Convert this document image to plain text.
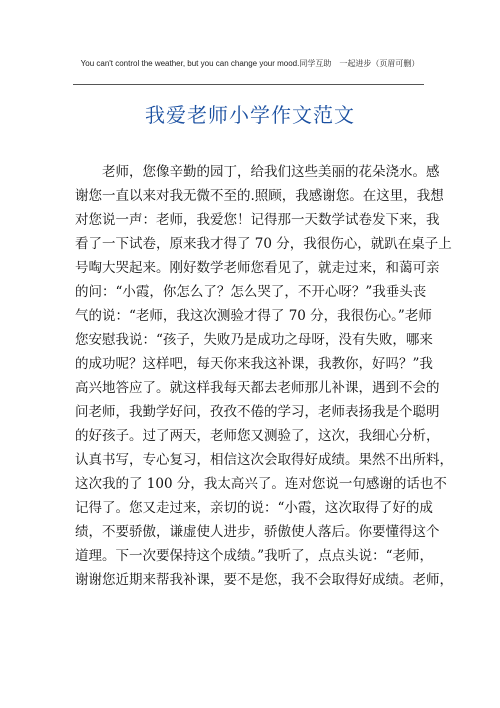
You can't control the weather, but you can change your mood.同学互助　一起进步（页眉可删）
我爱老师小学作文范文
老师，您像辛勤的园丁，给我们这些美丽的花朵浇水。感
谢您一直以来对我无微不至的.照顾，我感谢您。在这里，我想
对您说一声：老师，我爱您！记得那一天数学试卷发下来，我
看了一下试卷，原来我才得了 70 分，我很伤心，就趴在桌子上
号啕大哭起来。刚好数学老师您看见了，就走过来，和蔼可亲
的问：“小霞，你怎么了？怎么哭了，不开心呀？”我垂头丧
气的说：“老师，我这次测验才得了 70 分，我很伤心。”老师
您安慰我说：“孩子，失败乃是成功之母呀，没有失败，哪来
的成功呢？这样吧，每天你来我这补课，我教你，好吗？”我
高兴地答应了。就这样我每天都去老师那儿补课，遇到不会的
问老师，我勤学好问，孜孜不倦的学习，老师表扬我是个聪明
的好孩子。过了两天，老师您又测验了，这次，我细心分析，
认真书写，专心复习，相信这次会取得好成绩。果然不出所料，
这次我的了 100 分，我太高兴了。连对您说一句感谢的话也不
记得了。您又走过来，亲切的说：“小霞，这次取得了好的成
绩，不要骄傲，谦虚使人进步，骄傲使人落后。你要懂得这个
道理。下一次要保持这个成绩。”我听了，点点头说：“老师，
谢谢您近期来帮我补课，要不是您，我不会取得好成绩。老师，
